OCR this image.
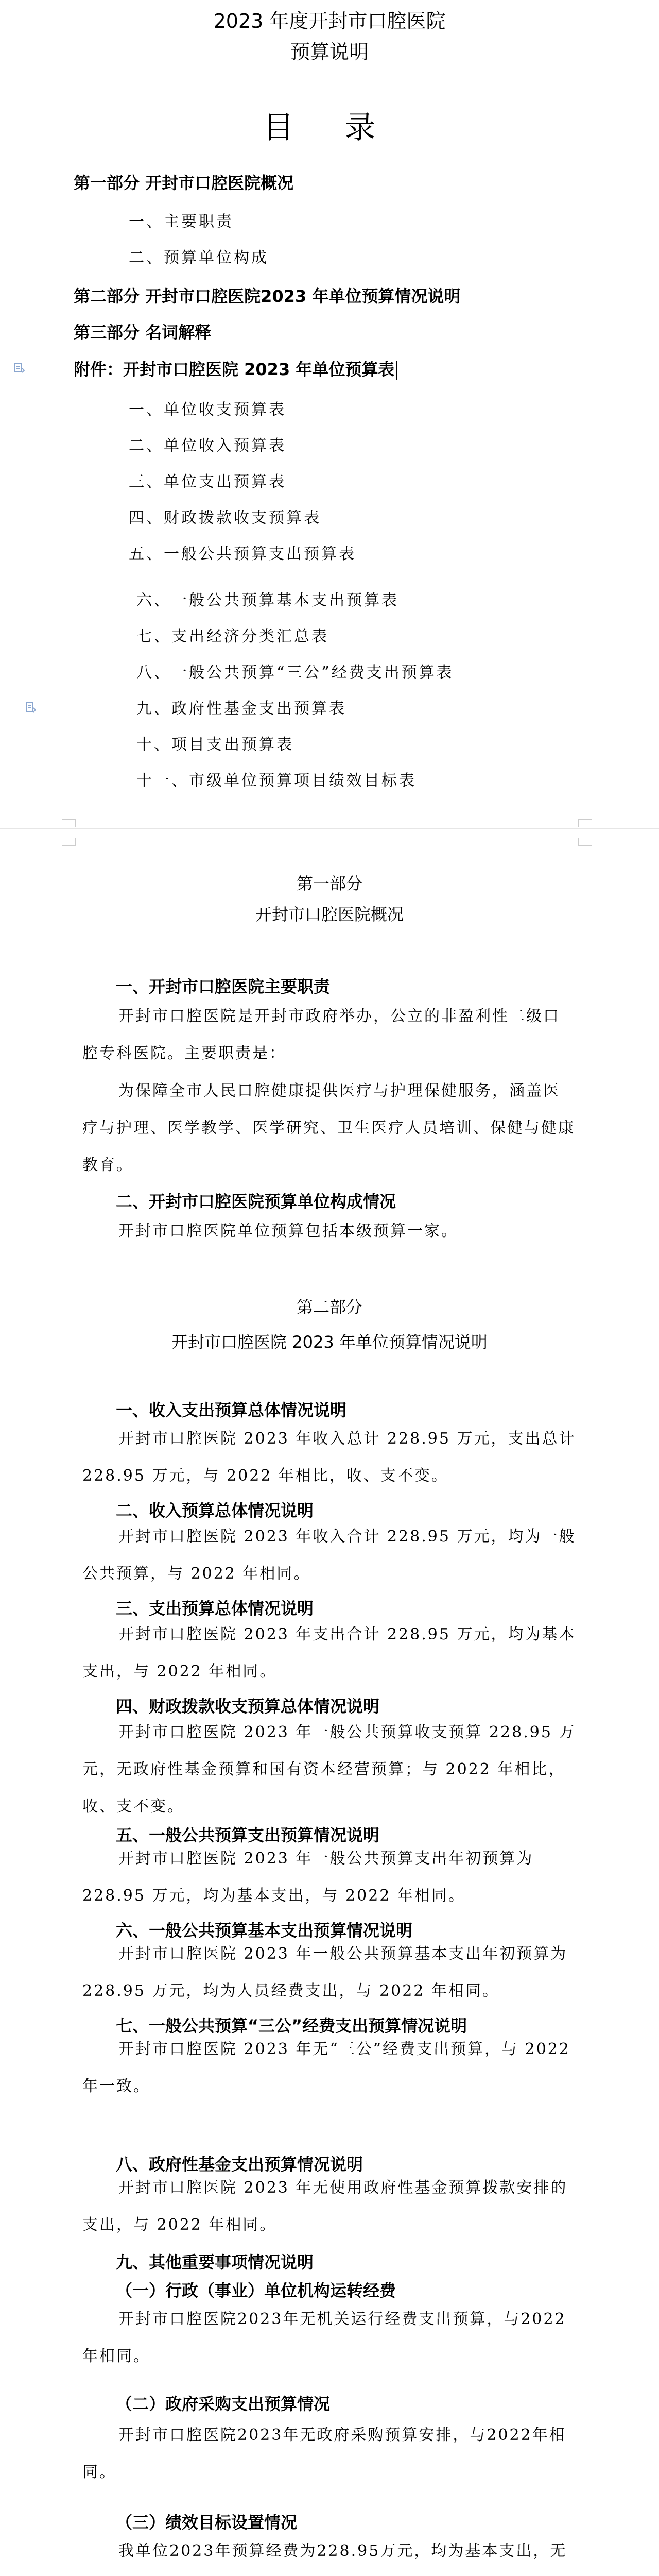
2023 年度开封市口腔医院
预算说明
目 录
第一部分 开封市口腔医院概况
一、主要职责
二、预算单位构成
第二部分 开封市口腔医院2023 年单位预算情况说明
第三部分 名词解释
附件：开封市口腔医院 2023 年单位预算表
一、单位收支预算表
二、单位收入预算表
三、单位支出预算表
四、财政拨款收支预算表
五、一般公共预算支出预算表
六、一般公共预算基本支出预算表
七、支出经济分类汇总表
八、一般公共预算“三公”经费支出预算表
九、政府性基金支出预算表
十、项目支出预算表
十一、市级单位预算项目绩效目标表
第一部分
开封市口腔医院概况
一、开封市口腔医院主要职责
开封市口腔医院是开封市政府举办，公立的非盈利性二级口腔专科医院。主要职责是：
为保障全市人民口腔健康提供医疗与护理保健服务，涵盖医疗与护理、医学教学、医学研究、卫生医疗人员培训、保健与健康教育。
二、开封市口腔医院预算单位构成情况
开封市口腔医院单位预算包括本级预算一家。
第二部分
开封市口腔医院 2023 年单位预算情况说明
一、收入支出预算总体情况说明
开封市口腔医院 2023 年收入总计 228.95 万元，支出总计 228.95 万元，与 2022 年相比，收、支不变。
二、收入预算总体情况说明
开封市口腔医院 2023 年收入合计 228.95 万元，均为一般公共预算，与 2022 年相同。
三、支出预算总体情况说明
开封市口腔医院 2023 年支出合计 228.95 万元，均为基本支出，与 2022 年相同。
四、财政拨款收支预算总体情况说明
开封市口腔医院 2023 年一般公共预算收支预算 228.95 万元，无政府性基金预算和国有资本经营预算；与 2022 年相比，收、支不变。
五、一般公共预算支出预算情况说明
开封市口腔医院 2023 年一般公共预算支出年初预算为 228.95 万元，均为基本支出，与 2022 年相同。
六、一般公共预算基本支出预算情况说明
开封市口腔医院 2023 年一般公共预算基本支出年初预算为 228.95 万元，均为人员经费支出，与 2022 年相同。
七、一般公共预算“三公”经费支出预算情况说明
开封市口腔医院 2023 年无“三公”经费支出预算，与 2022 年一致。
八、政府性基金支出预算情况说明
开封市口腔医院 2023 年无使用政府性基金预算拨款安排的支出，与 2022 年相同。
九、其他重要事项情况说明
（一）行政（事业）单位机构运转经费
开封市口腔医院2023年无机关运行经费支出预算，与2022年相同。
（二）政府采购支出预算情况
开封市口腔医院2023年无政府采购预算安排，与2022年相同。
（三）绩效目标设置情况
我单位2023年预算经费为228.95万元，均为基本支出，无
